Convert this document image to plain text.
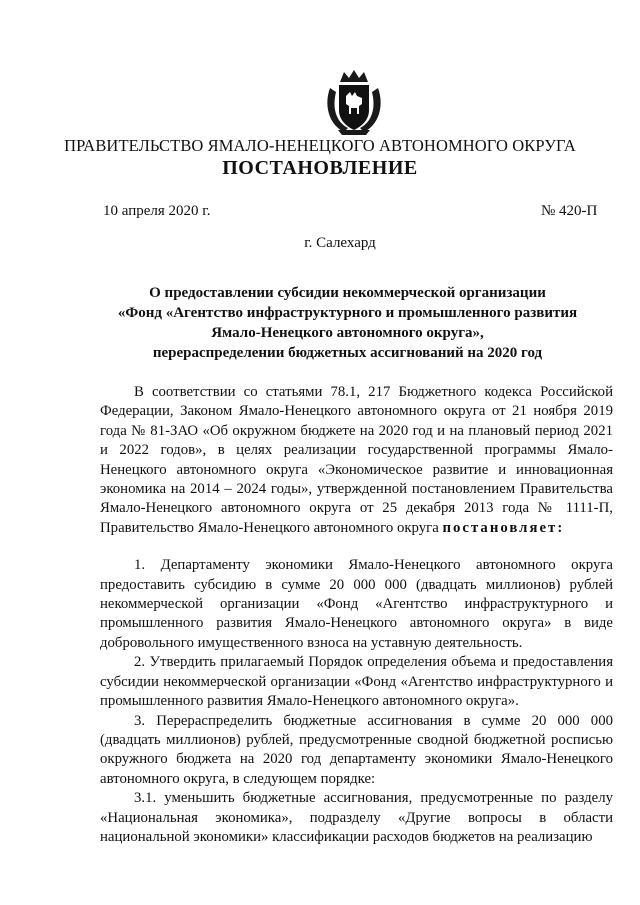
ПРАВИТЕЛЬСТВО ЯМАЛО-НЕНЕЦКОГО АВТОНОМНОГО ОКРУГА
ПОСТАНОВЛЕНИЕ
10 апреля 2020 г.	№ 420-П
г. Салехард
О предоставлении субсидии некоммерческой организации
«Фонд «Агентство инфраструктурного и промышленного развития
Ямало-Ненецкого автономного округа»,
перераспределении бюджетных ассигнований на 2020 год

В соответствии со статьями 78.1, 217 Бюджетного кодекса Российской Федерации, Законом Ямало-Ненецкого автономного округа от 21 ноября 2019 года № 81-ЗАО «Об окружном бюджете на 2020 год и на плановый период 2021 и 2022 годов», в целях реализации государственной программы Ямало-Ненецкого автономного округа «Экономическое развитие и инновационная экономика на 2014 – 2024 годы», утвержденной постановлением Правительства Ямало-Ненецкого автономного округа от 25 декабря 2013 года № 1111-П, Правительство Ямало-Ненецкого автономного округа постановляет:

1. Департаменту экономики Ямало-Ненецкого автономного округа предоставить субсидию в сумме 20 000 000 (двадцать миллионов) рублей некоммерческой организации «Фонд «Агентство инфраструктурного и промышленного развития Ямало-Ненецкого автономного округа» в виде добровольного имущественного взноса на уставную деятельность.

2. Утвердить прилагаемый Порядок определения объема и предоставления субсидии некоммерческой организации «Фонд «Агентство инфраструктурного и промышленного развития Ямало-Ненецкого автономного округа».

3. Перераспределить бюджетные ассигнования в сумме 20 000 000 (двадцать миллионов) рублей, предусмотренные сводной бюджетной росписью окружного бюджета на 2020 год департаменту экономики Ямало-Ненецкого автономного округа, в следующем порядке:

3.1. уменьшить бюджетные ассигнования, предусмотренные по разделу «Национальная экономика», подразделу «Другие вопросы в области национальной экономики» классификации расходов бюджетов на реализацию
